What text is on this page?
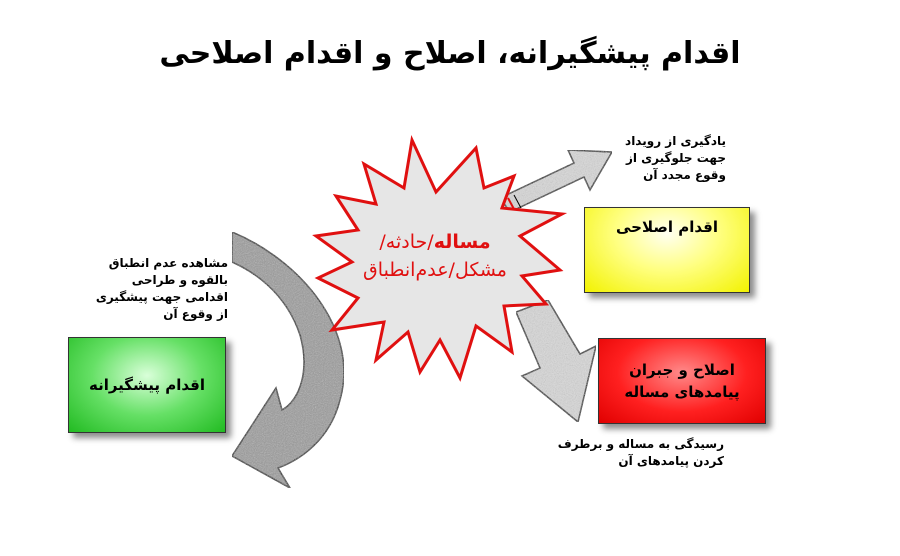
اقدام پیشگیرانه، اصلاح و اقدام اصلاحی
مساله/حادثه/
مشکل/عدم‌انطباق
اقدام اصلاحی
اصلاح و جبران پیامدهای مساله
اقدام پیشگیرانه
یادگیری از رویداد جهت جلوگیری از وقوع مجدد آن
مشاهده عدم انطباق بالقوه و طراحی اقدامی جهت پیشگیری از وقوع آن
رسیدگی به مساله و برطرف کردن پیامدهای آن
